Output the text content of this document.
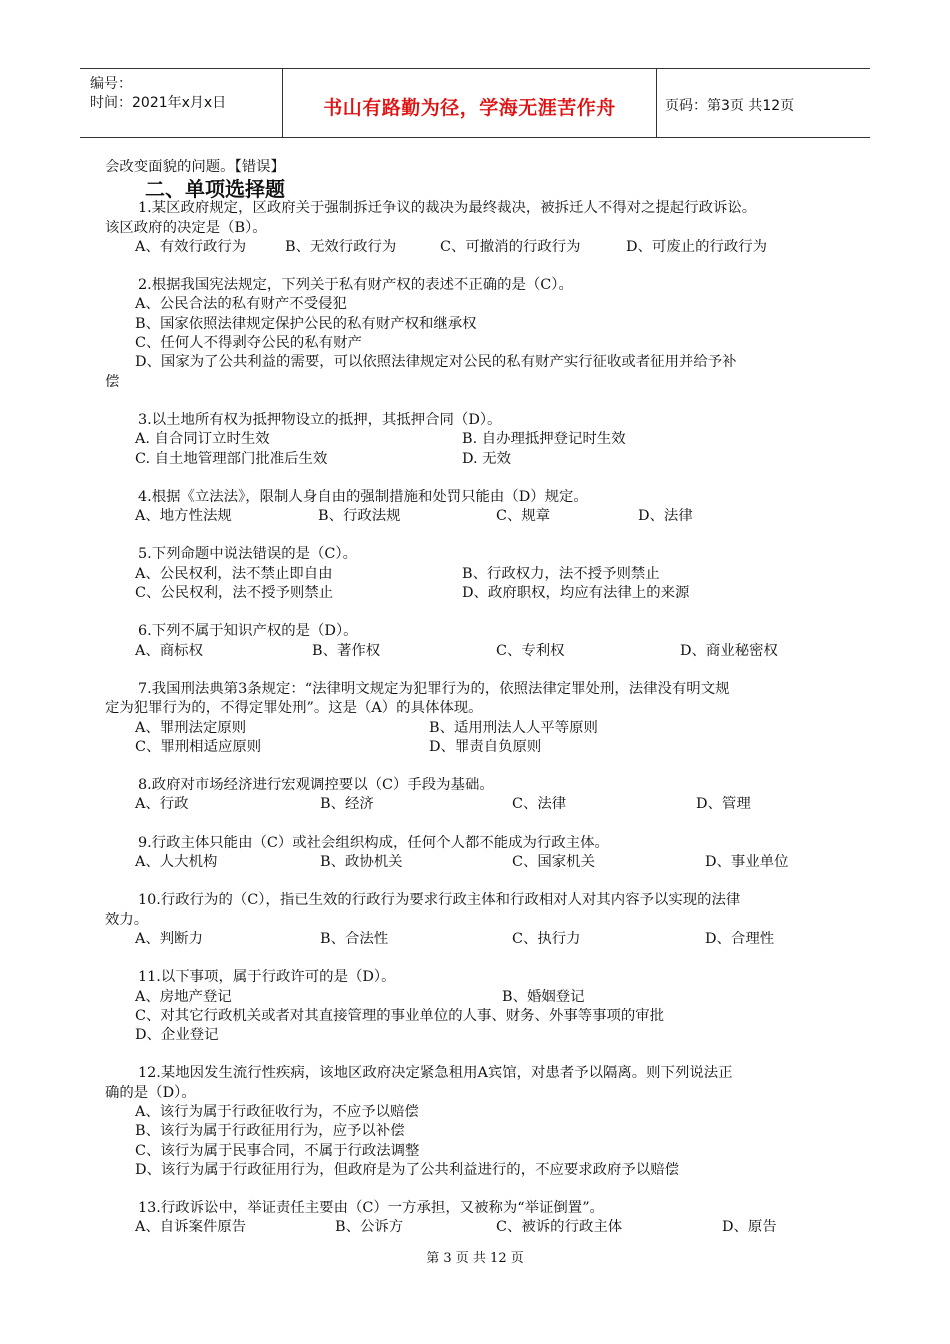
编号：
时间：2021年x月x日	书山有路勤为径，学海无涯苦作舟	页码：第3页 共12页
会改变面貌的问题。【错误】
二、单项选择题
1.某区政府规定，区政府关于强制拆迁争议的裁决为最终裁决，被拆迁人不得对之提起行政诉讼。
该区政府的决定是（B）。
A、有效行政行为	B、无效行政行为	C、可撤消的行政行为	D、可废止的行政行为
2.根据我国宪法规定，下列关于私有财产权的表述不正确的是（C）。
A、公民合法的私有财产不受侵犯
B、国家依照法律规定保护公民的私有财产权和继承权
C、任何人不得剥夺公民的私有财产
D、国家为了公共利益的需要，可以依照法律规定对公民的私有财产实行征收或者征用并给予补
偿
3.以土地所有权为抵押物设立的抵押，其抵押合同（D）。
A. 自合同订立时生效	B. 自办理抵押登记时生效
C. 自土地管理部门批准后生效	D. 无效
4.根据《立法法》，限制人身自由的强制措施和处罚只能由（D）规定。
A、地方性法规	B、行政法规	C、规章	D、法律
5.下列命题中说法错误的是（C）。
A、公民权利，法不禁止即自由	B、行政权力，法不授予则禁止
C、公民权利，法不授予则禁止	D、政府职权，均应有法律上的来源
6.下列不属于知识产权的是（D）。
A、商标权	B、著作权	C、专利权	D、商业秘密权
7.我国刑法典第3条规定：“法律明文规定为犯罪行为的，依照法律定罪处刑，法律没有明文规
定为犯罪行为的，不得定罪处刑”。这是（A）的具体体现。
A、罪刑法定原则	B、适用刑法人人平等原则
C、罪刑相适应原则	D、罪责自负原则
8.政府对市场经济进行宏观调控要以（C）手段为基础。
A、行政	B、经济	C、法律	D、管理
9.行政主体只能由（C）或社会组织构成，任何个人都不能成为行政主体。
A、人大机构	B、政协机关	C、国家机关	D、事业单位
10.行政行为的（C），指已生效的行政行为要求行政主体和行政相对人对其内容予以实现的法律
效力。
A、判断力	B、合法性	C、执行力	D、合理性
11.以下事项，属于行政许可的是（D）。
A、房地产登记	B、婚姻登记
C、对其它行政机关或者对其直接管理的事业单位的人事、财务、外事等事项的审批
D、企业登记
12.某地因发生流行性疾病，该地区政府决定紧急租用A宾馆，对患者予以隔离。则下列说法正
确的是（D）。
A、该行为属于行政征收行为，不应予以赔偿
B、该行为属于行政征用行为，应予以补偿
C、该行为属于民事合同，不属于行政法调整
D、该行为属于行政征用行为，但政府是为了公共利益进行的，不应要求政府予以赔偿
13.行政诉讼中，举证责任主要由（C）一方承担，又被称为“举证倒置”。
A、自诉案件原告	B、公诉方	C、被诉的行政主体	D、原告
第 3 页 共 12 页
